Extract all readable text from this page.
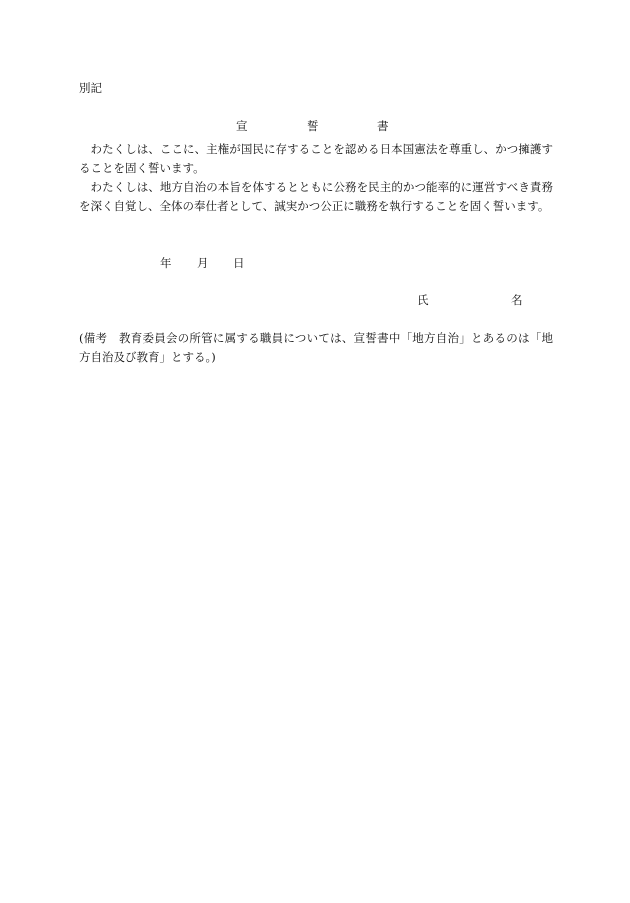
別記
宣	誓	書

わたくしは、ここに、主権が国民に存することを認める日本国憲法を尊重し、かつ擁護することを固く誓います。

わたくしは、地方自治の本旨を体するとともに公務を民主的かつ能率的に運営すべき責務を深く自覚し、全体の奉仕者として、誠実かつ公正に職務を執行することを固く誓います。

年 月 日
氏	名

(備考　教育委員会の所管に属する職員については、宣誓書中「地方自治」とあるのは「地方自治及び教育」とする。)
